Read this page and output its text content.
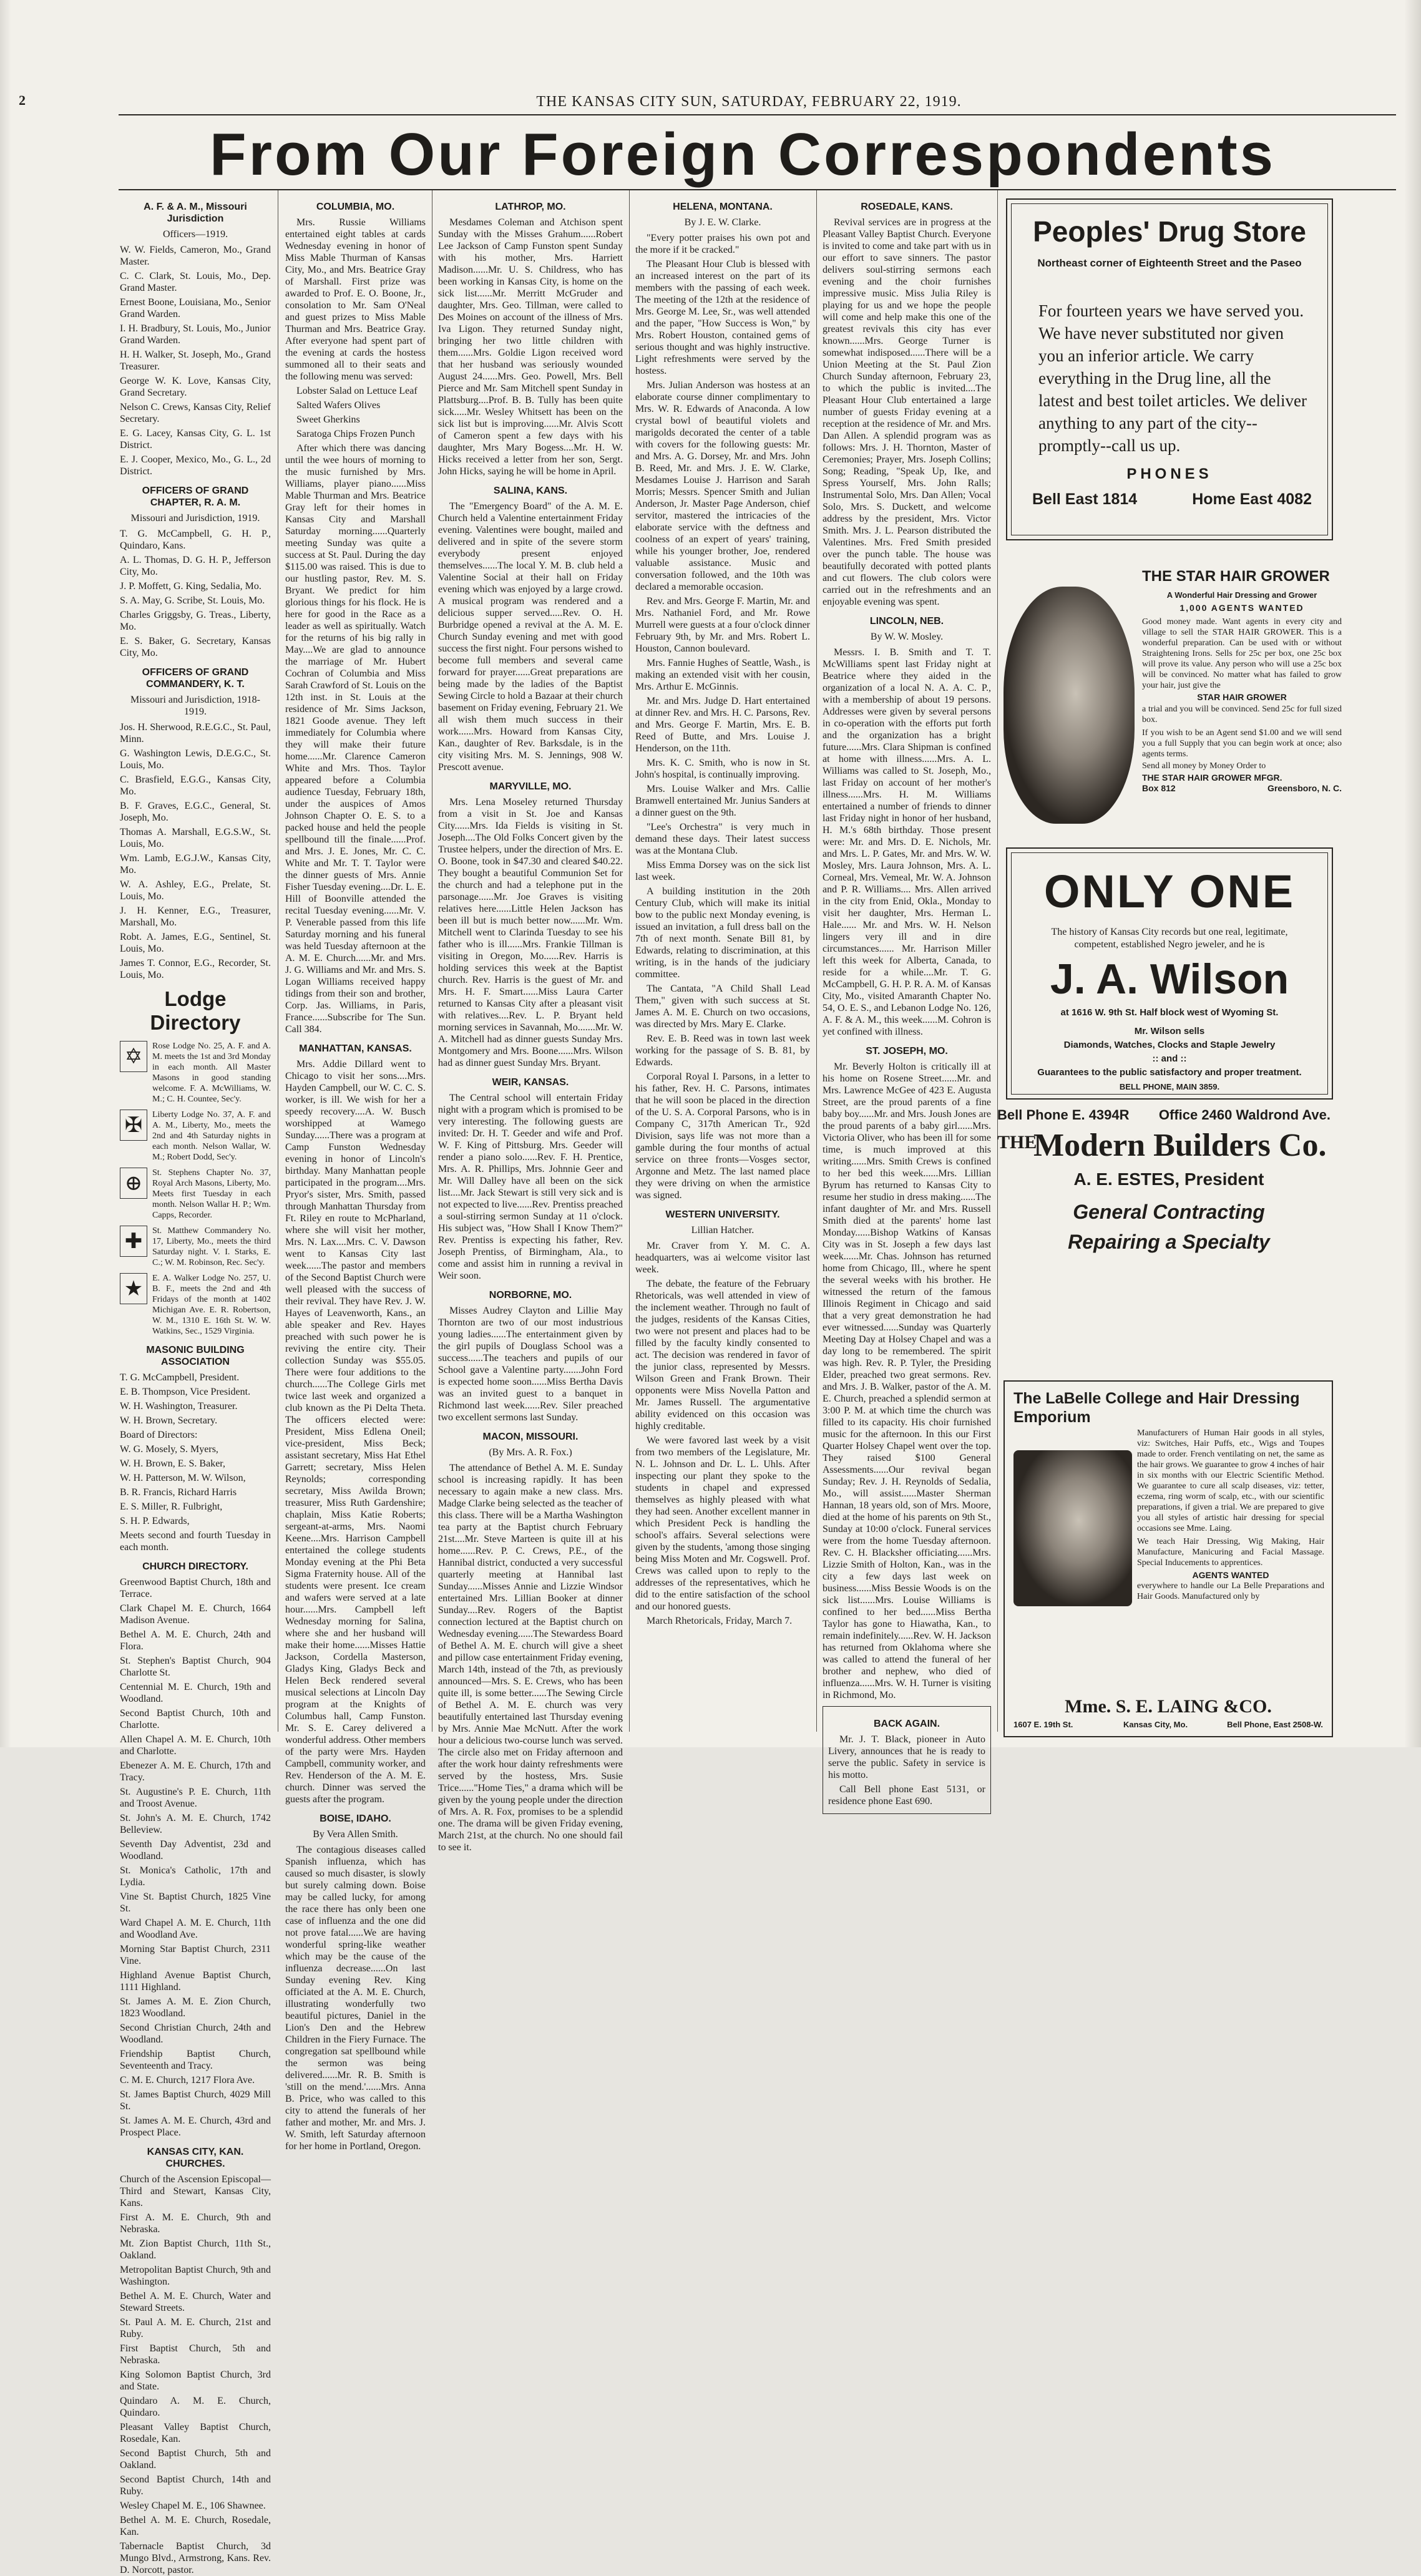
2	THE KANSAS CITY SUN, SATURDAY, FEBRUARY 22, 1919.
From Our Foreign Correspondents
A. F. & A. M., Missouri Jurisdiction
Officers—1919.

W. W. Fields, Cameron, Mo., Grand Master.

C. C. Clark, St. Louis, Mo., Dep. Grand Master.

Ernest Boone, Louisiana, Mo., Senior Grand Warden.

I. H. Bradbury, St. Louis, Mo., Junior Grand Warden.

H. H. Walker, St. Joseph, Mo., Grand Treasurer.

George W. K. Love, Kansas City, Grand Secretary.

Nelson C. Crews, Kansas City, Relief Secretary.

E. G. Lacey, Kansas City, G. L. 1st District.

E. J. Cooper, Mexico, Mo., G. L., 2d District.

OFFICERS OF GRAND CHAPTER, R. A. M.
Missouri and Jurisdiction, 1919.

T. G. McCampbell, G. H. P., Quindaro, Kans.

A. L. Thomas, D. G. H. P., Jefferson City, Mo.

J. P. Moffett, G. King, Sedalia, Mo.

S. A. May, G. Scribe, St. Louis, Mo.

Charles Griggsby, G. Treas., Liberty, Mo.

E. S. Baker, G. Secretary, Kansas City, Mo.

OFFICERS OF GRAND COMMANDERY, K. T.
Missouri and Jurisdiction, 1918-1919.

Jos. H. Sherwood, R.E.G.C., St. Paul, Minn.

G. Washington Lewis, D.E.G.C., St. Louis, Mo.

C. Brasfield, E.G.G., Kansas City, Mo.

B. F. Graves, E.G.C., General, St. Joseph, Mo.

Thomas A. Marshall, E.G.S.W., St. Louis, Mo.

Wm. Lamb, E.G.J.W., Kansas City, Mo.

W. A. Ashley, E.G., Prelate, St. Louis, Mo.

J. H. Kenner, E.G., Treasurer, Marshall, Mo.

Robt. A. James, E.G., Sentinel, St. Louis, Mo.

James T. Connor, E.G., Recorder, St. Louis, Mo.

Lodge Directory
✡	Rose Lodge No. 25, A. F. and A. M. meets the 1st and 3rd Monday in each month. All Master Masons in good standing welcome. F. A. McWilliams, W. M.; C. H. Countee, Sec'y.
✠	Liberty Lodge No. 37, A. F. and A. M., Liberty, Mo., meets the 2nd and 4th Saturday nights in each month. Nelson Wallar, W. M.; Robert Dodd, Sec'y.
⊕	St. Stephens Chapter No. 37, Royal Arch Masons, Liberty, Mo. Meets first Tuesday in each month. Nelson Wallar H. P.; Wm. Capps, Recorder.
✚	St. Matthew Commandery No. 17, Liberty, Mo., meets the third Saturday night. V. I. Starks, E. C.; W. M. Robinson, Rec. Sec'y.
★	E. A. Walker Lodge No. 257, U. B. F., meets the 2nd and 4th Fridays of the month at 1402 Michigan Ave. E. R. Robertson, W. M., 1310 E. 16th St. W. W. Watkins, Sec., 1529 Virginia.
MASONIC BUILDING ASSOCIATION

T. G. McCampbell, President.

E. B. Thompson, Vice President.

W. H. Washington, Treasurer.

W. H. Brown, Secretary.

Board of Directors:

W. G. Mosely, S. Myers,

W. H. Brown, E. S. Baker,

W. H. Patterson, M. W. Wilson,

B. R. Francis, Richard Harris

E. S. Miller, R. Fulbright,

S. H. P. Edwards,

Meets second and fourth Tuesday in each month.

CHURCH DIRECTORY.

Greenwood Baptist Church, 18th and Terrace.

Clark Chapel M. E. Church, 1664 Madison Avenue.

Bethel A. M. E. Church, 24th and Flora.

St. Stephen's Baptist Church, 904 Charlotte St.

Centennial M. E. Church, 19th and Woodland.

Second Baptist Church, 10th and Charlotte.

Allen Chapel A. M. E. Church, 10th and Charlotte.

Ebenezer A. M. E. Church, 17th and Tracy.

St. Augustine's P. E. Church, 11th and Troost Avenue.

St. John's A. M. E. Church, 1742 Belleview.

Seventh Day Adventist, 23d and Woodland.

St. Monica's Catholic, 17th and Lydia.

Vine St. Baptist Church, 1825 Vine St.

Ward Chapel A. M. E. Church, 11th and Woodland Ave.

Morning Star Baptist Church, 2311 Vine.

Highland Avenue Baptist Church, 1111 Highland.

St. James A. M. E. Zion Church, 1823 Woodland.

Second Christian Church, 24th and Woodland.

Friendship Baptist Church, Seventeenth and Tracy.

C. M. E. Church, 1217 Flora Ave.

St. James Baptist Church, 4029 Mill St.

St. James A. M. E. Church, 43rd and Prospect Place.

KANSAS CITY, KAN. CHURCHES.

Church of the Ascension Episcopal—Third and Stewart, Kansas City, Kans.

First A. M. E. Church, 9th and Nebraska.

Mt. Zion Baptist Church, 11th St., Oakland.

Metropolitan Baptist Church, 9th and Washington.

Bethel A. M. E. Church, Water and Steward Streets.

St. Paul A. M. E. Church, 21st and Ruby.

First Baptist Church, 5th and Nebraska.

King Solomon Baptist Church, 3rd and State.

Quindaro A. M. E. Church, Quindaro.

Pleasant Valley Baptist Church, Rosedale, Kan.

Second Baptist Church, 5th and Oakland.

Second Baptist Church, 14th and Ruby.

Wesley Chapel M. E., 106 Shawnee.

Bethel A. M. E. Church, Rosedale, Kan.

Tabernacle Baptist Church, 3d Mungo Blvd., Armstrong, Kans. Rev. D. Norcott, pastor.

COLUMBIA, MO.

Mrs. Russie Williams entertained eight tables at cards Wednesday evening in honor of Miss Mable Thurman of Kansas City, Mo., and Mrs. Beatrice Gray of Marshall. First prize was awarded to Prof. E. O. Boone, Jr., consolation to Mr. Sam O'Neal and guest prizes to Miss Mable Thurman and Mrs. Beatrice Gray. After everyone had spent part of the evening at cards the hostess summoned all to their seats and the following menu was served:

Lobster Salad on Lettuce Leaf

Salted Wafers Olives

Sweet Gherkins

Saratoga Chips Frozen Punch

After which there was dancing until the wee hours of morning to the music furnished by Mrs. Williams, player piano......Miss Mable Thurman and Mrs. Beatrice Gray left for their homes in Kansas City and Marshall Saturday morning......Quarterly meeting Sunday was quite a success at St. Paul. During the day $115.00 was raised. This is due to our hustling pastor, Rev. M. S. Bryant. We predict for him glorious things for his flock. He is here for good in the Race as a leader as well as spiritually. Watch for the returns of his big rally in May....We are glad to announce the marriage of Mr. Hubert Cochran of Columbia and Miss Sarah Crawford of St. Louis on the 12th inst. in St. Louis at the residence of Mr. Sims Jackson, 1821 Goode avenue. They left immediately for Columbia where they will make their future home......Mr. Clarence Cameron White and Mrs. Thos. Taylor appeared before a Columbia audience Tuesday, February 18th, under the auspices of Amos Johnson Chapter O. E. S. to a packed house and held the people spellbound till the finale......Prof. and Mrs. J. E. Jones, Mr. C. C. White and Mr. T. T. Taylor were the dinner guests of Mrs. Annie Fisher Tuesday evening....Dr. L. E. Hill of Boonville attended the recital Tuesday evening......Mr. V. P. Venerable passed from this life Saturday morning and his funeral was held Tuesday afternoon at the A. M. E. Church......Mr. and Mrs. J. G. Williams and Mr. and Mrs. S. Logan Williams received happy tidings from their son and brother, Corp. Jas. Williams, in Paris, France......Subscribe for The Sun. Call 384.

MANHATTAN, KANSAS.

Mrs. Addie Dillard went to Chicago to visit her sons....Mrs. Hayden Campbell, our W. C. C. S. worker, is ill. We wish for her a speedy recovery....A. W. Busch worshipped at Wamego Sunday......There was a program at Camp Funston Wednesday evening in honor of Lincoln's birthday. Many Manhattan people participated in the program....Mrs. Pryor's sister, Mrs. Smith, passed through Manhattan Thursday from Ft. Riley en route to McPharland, where she will visit her mother, Mrs. N. Lax....Mrs. C. V. Dawson went to Kansas City last week......The pastor and members of the Second Baptist Church were well pleased with the success of their revival. They have Rev. J. W. Hayes of Leavenworth, Kans., an able speaker and Rev. Hayes preached with such power he is reviving the entire city. Their collection Sunday was $55.05. There were four additions to the church......The College Girls met twice last week and organized a club known as the Pi Delta Theta. The officers elected were: President, Miss Edlena Oneil; vice-president, Miss Beck; assistant secretary, Miss Hat Ethel Garrett; secretary, Miss Helen Reynolds; corresponding secretary, Miss Awilda Brown; treasurer, Miss Ruth Gardenshire; chaplain, Miss Katie Roberts; sergeant-at-arms, Mrs. Naomi Keene....Mrs. Harrison Campbell entertained the college students Monday evening at the Phi Beta Sigma Fraternity house. All of the students were present. Ice cream and wafers were served at a late hour......Mrs. Campbell left Wednesday morning for Salina, where she and her husband will make their home......Misses Hattie Jackson, Cordella Masterson, Gladys King, Gladys Beck and Helen Beck rendered several musical selections at Lincoln Day program at the Knights of Columbus hall, Camp Funston. Mr. S. E. Carey delivered a wonderful address. Other members of the party were Mrs. Hayden Campbell, community worker, and Rev. Henderson of the A. M. E. church. Dinner was served the guests after the program.

BOISE, IDAHO.
By Vera Allen Smith.

The contagious diseases called Spanish influenza, which has caused so much disaster, is slowly but surely calming down. Boise may be called lucky, for among the race there has only been one case of influenza and the one did not prove fatal......We are having wonderful spring-like weather which may be the cause of the influenza decrease......On last Sunday evening Rev. King officiated at the A. M. E. Church, illustrating wonderfully two beautiful pictures, Daniel in the Lion's Den and the Hebrew Children in the Fiery Furnace. The congregation sat spellbound while the sermon was being delivered......Mr. R. B. Smith is 'still on the mend.'......Mrs. Anna B. Price, who was called to this city to attend the funerals of her father and mother, Mr. and Mrs. J. W. Smith, left Saturday afternoon for her home in Portland, Oregon.

LATHROP, MO.

Mesdames Coleman and Atchison spent Sunday with the Misses Grahum......Robert Lee Jackson of Camp Funston spent Sunday with his mother, Mrs. Harriett Madison......Mr. U. S. Childress, who has been working in Kansas City, is home on the sick list......Mr. Merritt McGruder and daughter, Mrs. Geo. Tillman, were called to Des Moines on account of the illness of Mrs. Iva Ligon. They returned Sunday night, bringing her two little children with them......Mrs. Goldie Ligon received word that her husband was seriously wounded August 24......Mrs. Geo. Powell, Mrs. Bell Pierce and Mr. Sam Mitchell spent Sunday in Plattsburg....Prof. B. B. Tully has been quite sick.....Mr. Wesley Whitsett has been on the sick list but is improving......Mr. Alvis Scott of Cameron spent a few days with his daughter, Mrs Mary Bogess....Mr. H. W. Hicks received a letter from her son, Sergt. John Hicks, saying he will be home in April.

SALINA, KANS.

The "Emergency Board" of the A. M. E. Church held a Valentine entertainment Friday evening. Valentines were bought, mailed and delivered and in spite of the severe storm everybody present enjoyed themselves......The local Y. M. B. club held a Valentine Social at their hall on Friday evening which was enjoyed by a large crowd. A musical program was rendered and a delicious supper served.....Rev. O. H. Burbridge opened a revival at the A. M. E. Church Sunday evening and met with good success the first night. Four persons wished to become full members and several came forward for prayer......Great preparations are being made by the ladies of the Baptist Sewing Circle to hold a Bazaar at their church basement on Friday evening, February 21. We all wish them much success in their work......Mrs. Howard from Kansas City, Kan., daughter of Rev. Barksdale, is in the city visiting Mrs. M. S. Jennings, 908 W. Prescott avenue.

MARYVILLE, MO.

Mrs. Lena Moseley returned Thursday from a visit in St. Joe and Kansas City......Mrs. Ida Fields is visiting in St. Joseph....The Old Folks Concert given by the Trustee helpers, under the direction of Mrs. E. O. Boone, took in $47.30 and cleared $40.22. They bought a beautiful Communion Set for the church and had a telephone put in the parsonage......Mr. Joe Graves is visiting relatives here......Little Helen Jackson has been ill but is much better now......Mr. Wm. Mitchell went to Clarinda Tuesday to see his father who is ill......Mrs. Frankie Tillman is visiting in Oregon, Mo......Rev. Harris is holding services this week at the Baptist church. Rev. Harris is the guest of Mr. and Mrs. H. F. Smart......Miss Laura Carter returned to Kansas City after a pleasant visit with relatives....Rev. L. P. Bryant held morning services in Savannah, Mo.......Mr. W. A. Mitchell had as dinner guests Sunday Mrs. Montgomery and Mrs. Boone......Mrs. Wilson had as dinner guest Sunday Mrs. Bryant.

WEIR, KANSAS.

The Central school will entertain Friday night with a program which is promised to be very interesting. The following guests are invited: Dr. H. T. Geeder and wife and Prof. W. F. King of Pittsburg. Mrs. Geeder will render a piano solo......Rev. F. H. Prentice, Mrs. A. R. Phillips, Mrs. Johnnie Geer and Mr. Will Dalley have all been on the sick list....Mr. Jack Stewart is still very sick and is not expected to live......Rev. Prentiss preached a soul-stirring sermon Sunday at 11 o'clock. His subject was, "How Shall I Know Them?" Rev. Prentiss is expecting his father, Rev. Joseph Prentiss, of Birmingham, Ala., to come and assist him in running a revival in Weir soon.

NORBORNE, MO.

Misses Audrey Clayton and Lillie May Thornton are two of our most industrious young ladies......The entertainment given by the girl pupils of Douglass School was a success......The teachers and pupils of our School gave a Valentine party.......John Ford is expected home soon......Miss Bertha Davis was an invited guest to a banquet in Richmond last week......Rev. Siler preached two excellent sermons last Sunday.

MACON, MISSOURI.
(By Mrs. A. R. Fox.)

The attendance of Bethel A. M. E. Sunday school is increasing rapidly. It has been necessary to again make a new class. Mrs. Madge Clarke being selected as the teacher of this class. There will be a Martha Washington tea party at the Baptist church February 21st....Mr. Steve Marteen is quite ill at his home......Rev. P. C. Crews, P.E., of the Hannibal district, conducted a very successful quarterly meeting at Hannibal last Sunday......Misses Annie and Lizzie Windsor entertained Mrs. Lillian Booker at dinner Sunday....Rev. Rogers of the Baptist connection lectured at the Baptist church on Wednesday evening......The Stewardess Board of Bethel A. M. E. church will give a sheet and pillow case entertainment Friday evening, March 14th, instead of the 7th, as previously announced—Mrs. S. E. Crews, who has been quite ill, is some better......The Sewing Circle of Bethel A. M. E. church was very beautifully entertained last Thursday evening by Mrs. Annie Mae McNutt. After the work hour a delicious two-course lunch was served. The circle also met on Friday afternoon and after the work hour dainty refreshments were served by the hostess, Mrs. Susie Trice......"Home Ties," a drama which will be given by the young people under the direction of Mrs. A. R. Fox, promises to be a splendid one. The drama will be given Friday evening, March 21st, at the church. No one should fail to see it.

HELENA, MONTANA.
By J. E. W. Clarke.

"Every potter praises his own pot and the more if it be cracked."

The Pleasant Hour Club is blessed with an increased interest on the part of its members with the passing of each week. The meeting of the 12th at the residence of Mrs. George M. Lee, Sr., was well attended and the paper, "How Success is Won," by Mrs. Robert Houston, contained gems of serious thought and was highly instructive. Light refreshments were served by the hostess.

Mrs. Julian Anderson was hostess at an elaborate course dinner complimentary to Mrs. W. R. Edwards of Anaconda. A low crystal bowl of beautiful violets and marigolds decorated the center of a table with covers for the following guests: Mr. and Mrs. A. G. Dorsey, Mr. and Mrs. John B. Reed, Mr. and Mrs. J. E. W. Clarke, Mesdames Louise J. Harrison and Sarah Morris; Messrs. Spencer Smith and Julian Anderson, Jr. Master Page Anderson, chief servitor, mastered the intricacies of the elaborate service with the deftness and coolness of an expert of years' training, while his younger brother, Joe, rendered valuable assistance. Music and conversation followed, and the 10th was declared a memorable occasion.

Rev. and Mrs. George F. Martin, Mr. and Mrs. Nathaniel Ford, and Mr. Rowe Murrell were guests at a four o'clock dinner February 9th, by Mr. and Mrs. Robert L. Houston, Cannon boulevard.

Mrs. Fannie Hughes of Seattle, Wash., is making an extended visit with her cousin, Mrs. Arthur E. McGinnis.

Mr. and Mrs. Judge D. Hart entertained at dinner Rev. and Mrs. H. C. Parsons, Rev. and Mrs. George F. Martin, Mrs. E. B. Reed of Butte, and Mrs. Louise J. Henderson, on the 11th.

Mrs. K. C. Smith, who is now in St. John's hospital, is continually improving.

Mrs. Louise Walker and Mrs. Callie Bramwell entertained Mr. Junius Sanders at a dinner guest on the 9th.

"Lee's Orchestra" is very much in demand these days. Their latest success was at the Montana Club.

Miss Emma Dorsey was on the sick list last week.

A building institution in the 20th Century Club, which will make its initial bow to the public next Monday evening, is issued an invitation, a full dress ball on the 7th of next month. Senate Bill 81, by Edwards, relating to discrimination, at this writing, is in the hands of the judiciary committee.

The Cantata, "A Child Shall Lead Them," given with such success at St. James A. M. E. Church on two occasions, was directed by Mrs. Mary E. Clarke.

Rev. E. B. Reed was in town last week working for the passage of S. B. 81, by Edwards.

Corporal Royal I. Parsons, in a letter to his father, Rev. H. C. Parsons, intimates that he will soon be placed in the direction of the U. S. A. Corporal Parsons, who is in Company C, 317th American Tr., 92d Division, says life was not more than a gamble during the four months of actual service on three fronts—Vosges sector, Argonne and Metz. The last named place they were driving on when the armistice was signed.

WESTERN UNIVERSITY.
Lillian Hatcher.

Mr. Craver from Y. M. C. A. headquarters, was ai welcome visitor last week.

The debate, the feature of the February Rhetoricals, was well attended in view of the inclement weather. Through no fault of the judges, residents of the Kansas Cities, two were not present and places had to be filled by the faculty kindly consented to act. The decision was rendered in favor of the junior class, represented by Messrs. Wilson Green and Frank Brown. Their opponents were Miss Novella Patton and Mr. James Russell. The argumentative ability evidenced on this occasion was highly creditable.

We were favored last week by a visit from two members of the Legislature, Mr. N. L. Johnson and Dr. L. L. Uhls. After inspecting our plant they spoke to the students in chapel and expressed themselves as highly pleased with what they had seen. Another excellent manner in which President Peck is handling the school's affairs. Several selections were given by the students, 'among those singing being Miss Moten and Mr. Cogswell. Prof. Crews was called upon to reply to the addresses of the representatives, which he did to the entire satisfaction of the school and our honored guests.

March Rhetoricals, Friday, March 7.

ROSEDALE, KANS.

Revival services are in progress at the Pleasant Valley Baptist Church. Everyone is invited to come and take part with us in our effort to save sinners. The pastor delivers soul-stirring sermons each evening and the choir furnishes impressive music. Miss Julia Riley is playing for us and we hope the people will come and help make this one of the greatest revivals this city has ever known......Mrs. George Turner is somewhat indisposed......There will be a Union Meeting at the St. Paul Zion Church Sunday afternoon, February 23, to which the public is invited....The Pleasant Hour Club entertained a large number of guests Friday evening at a reception at the residence of Mr. and Mrs. Dan Allen. A splendid program was as follows: Mrs. J. H. Thornton, Master of Ceremonies; Prayer, Mrs. Joseph Collins; Song; Reading, "Speak Up, Ike, and Spress Yourself, Mrs. John Ralls; Instrumental Solo, Mrs. Dan Allen; Vocal Solo, Mrs. S. Duckett, and welcome address by the president, Mrs. Victor Smith. Mrs. J. L. Pearson distributed the Valentines. Mrs. Fred Smith presided over the punch table. The house was beautifully decorated with potted plants and cut flowers. The club colors were carried out in the refreshments and an enjoyable evening was spent.

LINCOLN, NEB.
By W. W. Mosley.

Messrs. I. B. Smith and T. T. McWilliams spent last Friday night at Beatrice where they aided in the organization of a local N. A. A. C. P., with a membership of about 19 persons. Addresses were given by several persons in co-operation with the efforts put forth and the organization has a bright future......Mrs. Clara Shipman is confined at home with illness......Mrs. A. L. Williams was called to St. Joseph, Mo., last Friday on account of her mother's illness......Mrs. H. M. Williams entertained a number of friends to dinner last Friday night in honor of her husband, H. M.'s 68th birthday. Those present were: Mr. and Mrs. D. E. Nichols, Mr. and Mrs. L. P. Gates, Mr. and Mrs. W. W. Mosley, Mrs. Laura Johnson, Mrs. A. L. Corneal, Mrs. Vemeal, Mr. W. A. Johnson and P. R. Williams.... Mrs. Allen arrived in the city from Enid, Okla., Monday to visit her daughter, Mrs. Herman L. Hale...... Mr. and Mrs. W. H. Nelson lingers very ill and in dire circumstances...... Mr. Harrison Miller left this week for Alberta, Canada, to reside for a while....Mr. T. G. McCampbell, G. H. P. R. A. M. of Kansas City, Mo., visited Amaranth Chapter No. 54, O. E. S., and Lebanon Lodge No. 126, A. F. & A. M., this week......M. Cohron is yet confined with illness.

ST. JOSEPH, MO.

Mr. Beverly Holton is critically ill at his home on Rosene Street......Mr. and Mrs. Lawrence McGee of 423 E. Augusta Street, are the proud parents of a fine baby boy......Mr. and Mrs. Joush Jones are the proud parents of a baby girl......Mrs. Victoria Oliver, who has been ill for some time, is much improved at this writing......Mrs. Smith Crews is confined to her bed this week......Mrs. Lillian Byrum has returned to Kansas City to resume her studio in dress making......The infant daughter of Mr. and Mrs. Russell Smith died at the parents' home last Monday......Bishop Watkins of Kansas City was in St. Joseph a few days last week......Mr. Chas. Johnson has returned home from Chicago, Ill., where he spent the several weeks with his brother. He witnessed the return of the famous Illinois Regiment in Chicago and said that a very great demonstration he had ever witnessed......Sunday was Quarterly Meeting Day at Holsey Chapel and was a day long to be remembered. The spirit was high. Rev. R. P. Tyler, the Presiding Elder, preached two great sermons. Rev. and Mrs. J. B. Walker, pastor of the A. M. E. Church, preached a splendid sermon at 3:00 P. M. at which time the church was filled to its capacity. His choir furnished music for the afternoon. In this our First Quarter Holsey Chapel went over the top. They raised $100 General Assessments......Our revival began Sunday; Rev. J. H. Reynolds of Sedalia, Mo., will assist......Master Sherman Hannan, 18 years old, son of Mrs. Moore, died at the home of his parents on 9th St., Sunday at 10:00 o'clock. Funeral services were from the home Tuesday afternoon. Rev. C. H. Blacksher officiating......Mrs. Lizzie Smith of Holton, Kan., was in the city a few days last week on business......Miss Bessie Woods is on the sick list......Mrs. Louise Williams is confined to her bed......Miss Bertha Taylor has gone to Hiawatha, Kan., to remain indefinitely......Rev. W. H. Jackson has returned from Oklahoma where she was called to attend the funeral of her brother and nephew, who died of influenza......Mrs. W. H. Turner is visiting in Richmond, Mo.

BACK AGAIN.

Mr. J. T. Black, pioneer in Auto Livery, announces that he is ready to serve the public. Safety in service is his motto.

Call Bell phone East 5131, or residence phone East 690.

Peoples' Drug Store
Northeast corner of Eighteenth Street and the Paseo
For fourteen years we have served you. We have never substituted nor given you an inferior article. We carry everything in the Drug line, all the latest and best toilet articles. We deliver anything to any part of the city--promptly--call us up.
PHONES
Bell East 1814	Home East 4082
THE STAR HAIR GROWER
A Wonderful Hair Dressing and Grower
1,000 AGENTS WANTED
Good money made. Want agents in every city and village to sell the STAR HAIR GROWER. This is a wonderful preparation. Can be used with or without Straightening Irons. Sells for 25c per box, one 25c box will prove its value. Any person who will use a 25c box will be convinced. No matter what has failed to grow your hair, just give the
STAR HAIR GROWER
a trial and you will be convinced. Send 25c for full sized box.
If you wish to be an Agent send $1.00 and we will send you a full Supply that you can begin work at once; also agents terms.
Send all money by Money Order to
THE STAR HAIR GROWER MFGR.
Box 812	Greensboro, N. C.
ONLY ONE
The history of Kansas City records but one real, legitimate, competent, established Negro jeweler, and he is
J. A. Wilson
at 1616 W. 9th St. Half block west of Wyoming St.
Mr. Wilson sells
Diamonds, Watches, Clocks and Staple Jewelry
:: and ::
Guarantees to the public satisfactory and proper treatment.
BELL PHONE, MAIN 3859.
Bell Phone E. 4394R Office 2460 Waldrond Ave.
THE
Modern Builders Co.
A. E. ESTES, President
General Contracting
Repairing a Specialty
The LaBelle College and Hair Dressing Emporium
Manufacturers of Human Hair goods in all styles, viz: Switches, Hair Puffs, etc., Wigs and Toupes made to order. French ventilating on net, the same as the hair grows. We guarantee to grow 4 inches of hair in six months with our Electric Scientific Method. We guarantee to cure all scalp diseases, viz: tetter, eczema, ring worm of scalp, etc., with our scientific preparations, if given a trial. We are prepared to give you all styles of artistic hair dressing for special occasions see Mme. Laing.
We teach Hair Dressing, Wig Making, Hair Manufacture, Manicuring and Facial Massage. Special Inducements to apprentices.
AGENTS WANTED
everywhere to handle our La Belle Preparations and Hair Goods. Manufactured only by
Mme. S. E. LAING &CO.
1607 E. 19th St.	Kansas City, Mo.	Bell Phone, East 2508-W.
